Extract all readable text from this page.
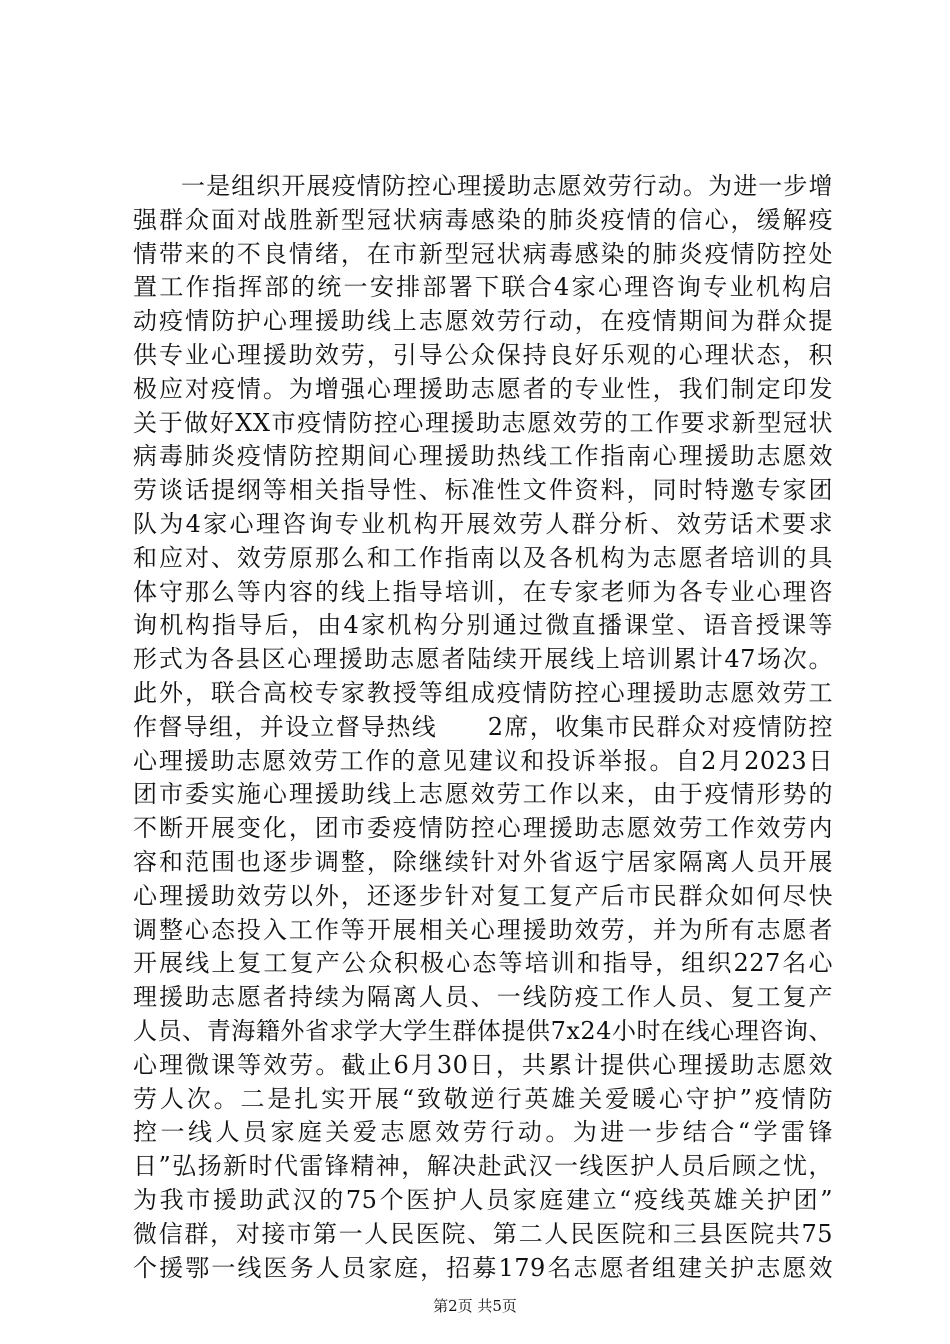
一是组织开展疫情防控心理援助志愿效劳行动。为进一步增
强群众面对战胜新型冠状病毒感染的肺炎疫情的信心，缓解疫
情带来的不良情绪，在市新型冠状病毒感染的肺炎疫情防控处
置工作指挥部的统一安排部署下联合4家心理咨询专业机构启
动疫情防护心理援助线上志愿效劳行动，在疫情期间为群众提
供专业心理援助效劳，引导公众保持良好乐观的心理状态，积
极应对疫情。为增强心理援助志愿者的专业性，我们制定印发
关于做好XX市疫情防控心理援助志愿效劳的工作要求新型冠状
病毒肺炎疫情防控期间心理援助热线工作指南心理援助志愿效
劳谈话提纲等相关指导性、标准性文件资料，同时特邀专家团
队为4家心理咨询专业机构开展效劳人群分析、效劳话术要求
和应对、效劳原那么和工作指南以及各机构为志愿者培训的具
体守那么等内容的线上指导培训，在专家老师为各专业心理咨
询机构指导后，由4家机构分别通过微直播课堂、语音授课等
形式为各县区心理援助志愿者陆续开展线上培训累计47场次。
此外，联合高校专家教授等组成疫情防控心理援助志愿效劳工
作督导组，并设立督导热线　　2席，收集市民群众对疫情防控
心理援助志愿效劳工作的意见建议和投诉举报。自2月2023日
团市委实施心理援助线上志愿效劳工作以来，由于疫情形势的
不断开展变化，团市委疫情防控心理援助志愿效劳工作效劳内
容和范围也逐步调整，除继续针对外省返宁居家隔离人员开展
心理援助效劳以外，还逐步针对复工复产后市民群众如何尽快
调整心态投入工作等开展相关心理援助效劳，并为所有志愿者
开展线上复工复产公众积极心态等培训和指导，组织227名心
理援助志愿者持续为隔离人员、一线防疫工作人员、复工复产
人员、青海籍外省求学大学生群体提供7x24小时在线心理咨询、
心理微课等效劳。截止6月30日，共累计提供心理援助志愿效
劳人次。二是扎实开展“致敬逆行英雄关爱暖心守护”疫情防
控一线人员家庭关爱志愿效劳行动。为进一步结合“学雷锋
日”弘扬新时代雷锋精神，解决赴武汉一线医护人员后顾之忧，
为我市援助武汉的75个医护人员家庭建立“疫线英雄关护团”
微信群，对接市第一人民医院、第二人民医院和三县医院共75
个援鄂一线医务人员家庭，招募179名志愿者组建关护志愿效
第2页 共5页
